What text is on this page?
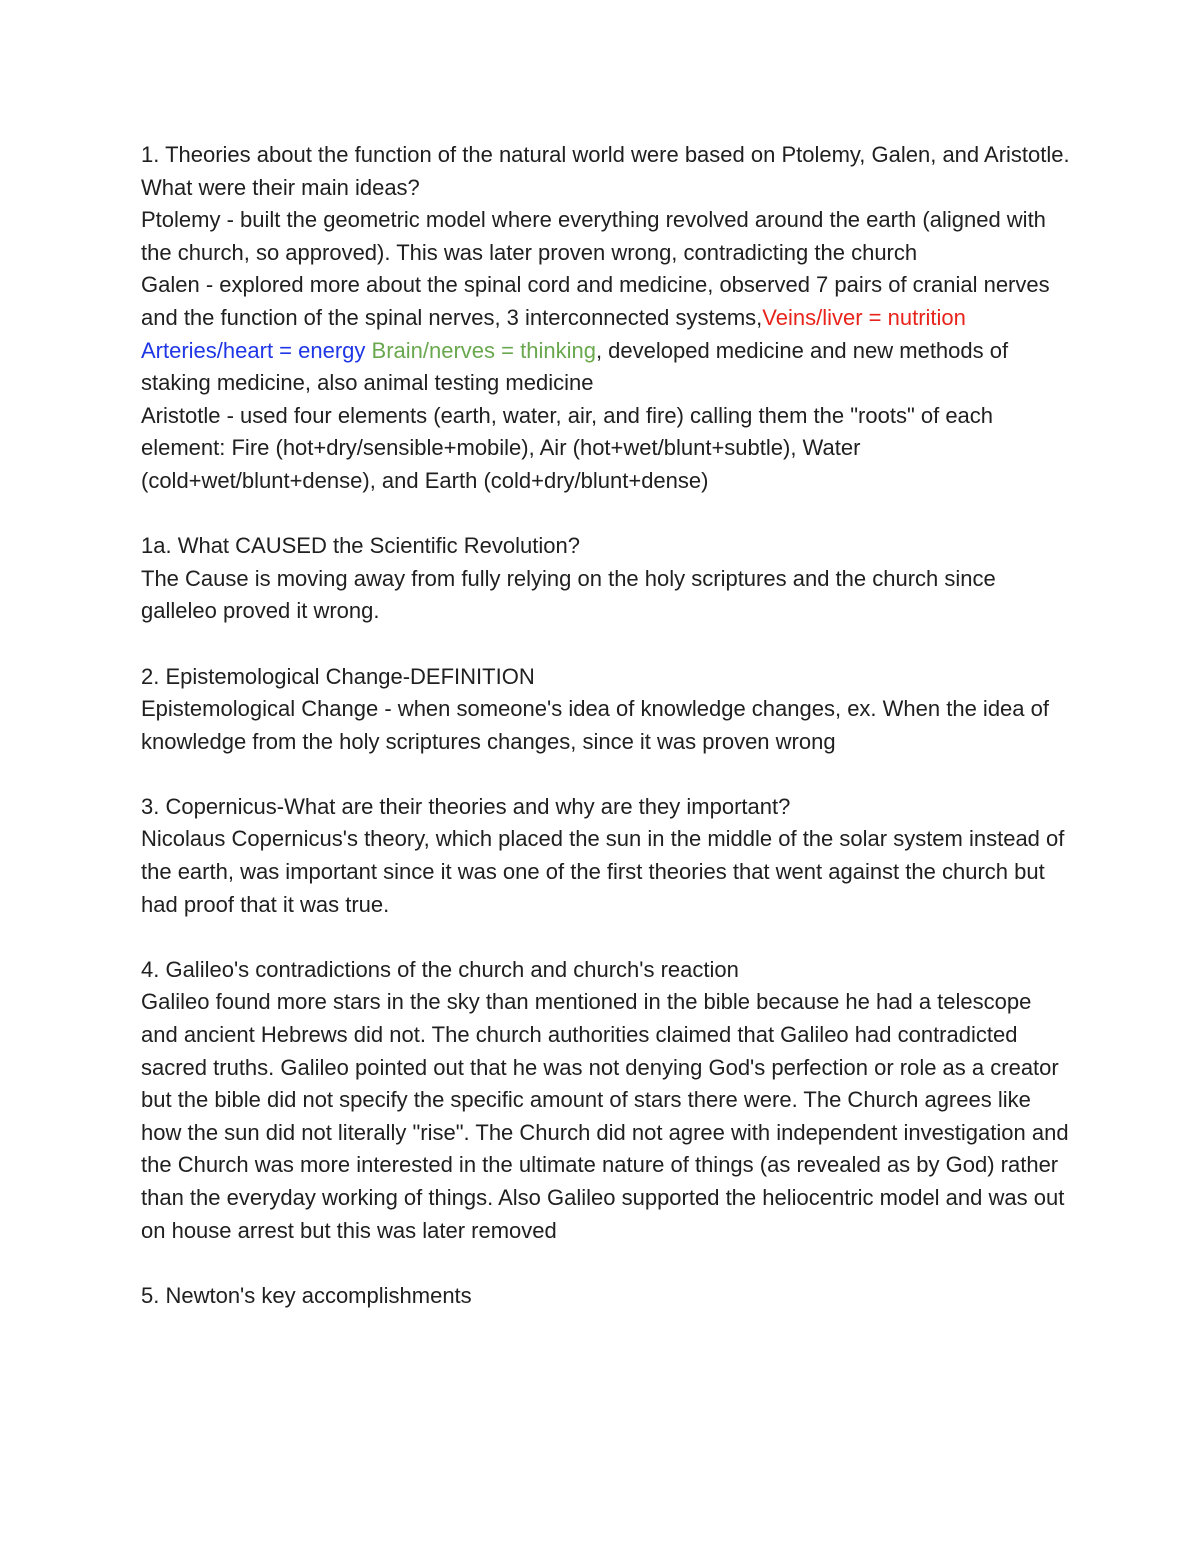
1. Theories about the function of the natural world were based on Ptolemy, Galen, and Aristotle. What were their main ideas?

Ptolemy - built the geometric model where everything revolved around the earth (aligned with the church, so approved). This was later proven wrong, contradicting the church

Galen - explored more about the spinal cord and medicine, observed 7 pairs of cranial nerves and the function of the spinal nerves, 3 interconnected systems,Veins/liver = nutrition Arteries/heart = energy Brain/nerves = thinking, developed medicine and new methods of staking medicine, also animal testing medicine

Aristotle - used four elements (earth, water, air, and fire) calling them the "roots" of each element: Fire (hot+dry/sensible+mobile), Air (hot+wet/blunt+subtle), Water (cold+wet/blunt+dense), and Earth (cold+dry/blunt+dense)

1a. What CAUSED the Scientific Revolution?

The Cause is moving away from fully relying on the holy scriptures and the church since galleleo proved it wrong.

2. Epistemological Change-DEFINITION

Epistemological Change - when someone's idea of knowledge changes, ex. When the idea of knowledge from the holy scriptures changes, since it was proven wrong

3. Copernicus-What are their theories and why are they important?

Nicolaus Copernicus's theory, which placed the sun in the middle of the solar system instead of the earth, was important since it was one of the first theories that went against the church but had proof that it was true.

4. Galileo's contradictions of the church and church's reaction

Galileo found more stars in the sky than mentioned in the bible because he had a telescope and ancient Hebrews did not. The church authorities claimed that Galileo had contradicted sacred truths. Galileo pointed out that he was not denying God's perfection or role as a creator but the bible did not specify the specific amount of stars there were. The Church agrees like how the sun did not literally "rise". The Church did not agree with independent investigation and the Church was more interested in the ultimate nature of things (as revealed as by God) rather than the everyday working of things. Also Galileo supported the heliocentric model and was out on house arrest but this was later removed

5. Newton's key accomplishments
